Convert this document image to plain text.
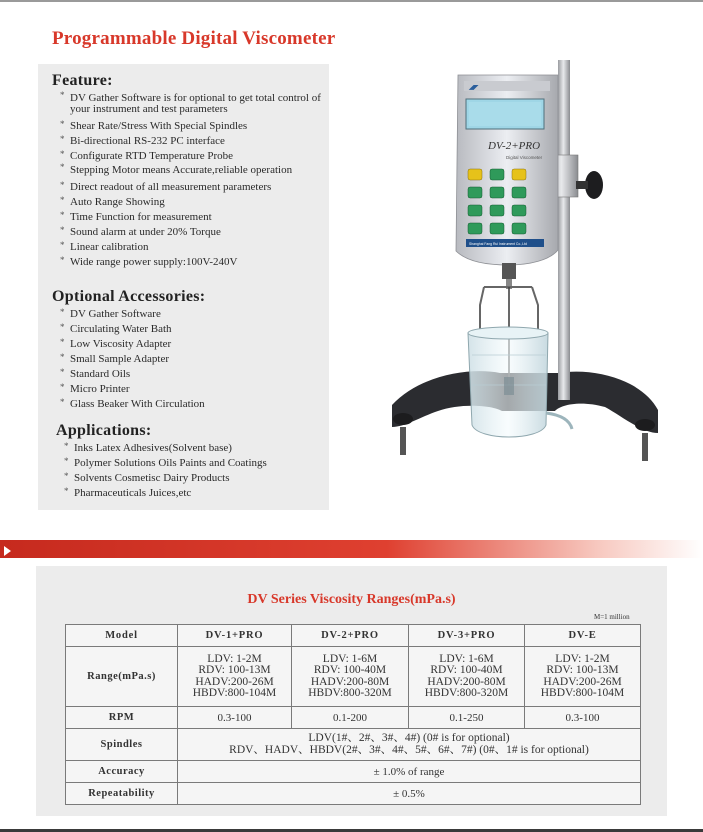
Programmable Digital Viscometer
Feature:
* DV Gather Software is for optional to get total control of your instrument and test parameters
* Shear Rate/Stress With Special Spindles
* Bi-directional RS-232 PC interface
* Configurate RTD Temperature Probe
* Stepping Motor means Accurate,reliable operation
* Direct readout of all measurement parameters
* Auto Range Showing
* Time Function for measurement
* Sound alarm at under 20% Torque
* Linear calibration
* Wide range power supply:100V-240V
Optional Accessories:
* DV Gather Software
* Circulating Water Bath
* Low Viscosity Adapter
* Small Sample Adapter
* Standard Oils
* Micro Printer
* Glass Beaker With Circulation
Applications:
* Inks Latex Adhesives(Solvent base)
* Polymer Solutions Oils Paints and Coatings
* Solvents Cosmetisc Dairy Products
* Pharmaceuticals Juices,etc
◢◤
DV-2+PRO
Digital Viscometer
Shanghai Fang Rui Instrument Co.,Ltd
DV Series Viscosity Ranges(mPa.s)
M=1 million
Model	DV-1+PRO	DV-2+PRO	DV-3+PRO	DV-E
Range(mPa.s)	LDV: 1-2M
RDV: 100-13M
HADV:200-26M
HBDV:800-104M	LDV: 1-6M
RDV: 100-40M
HADV:200-80M
HBDV:800-320M	LDV: 1-6M
RDV: 100-40M
HADV:200-80M
HBDV:800-320M	LDV: 1-2M
RDV: 100-13M
HADV:200-26M
HBDV:800-104M

RPM	0.3-100	0.1-200	0.1-250	0.3-100
Spindles	LDV(1#、2#、3#、4#) (0# is for optional)
RDV、HADV、HBDV(2#、3#、4#、5#、6#、7#) (0#、1# is for optional)			

Accuracy	± 1.0% of range			
Repeatability	± 0.5%			
